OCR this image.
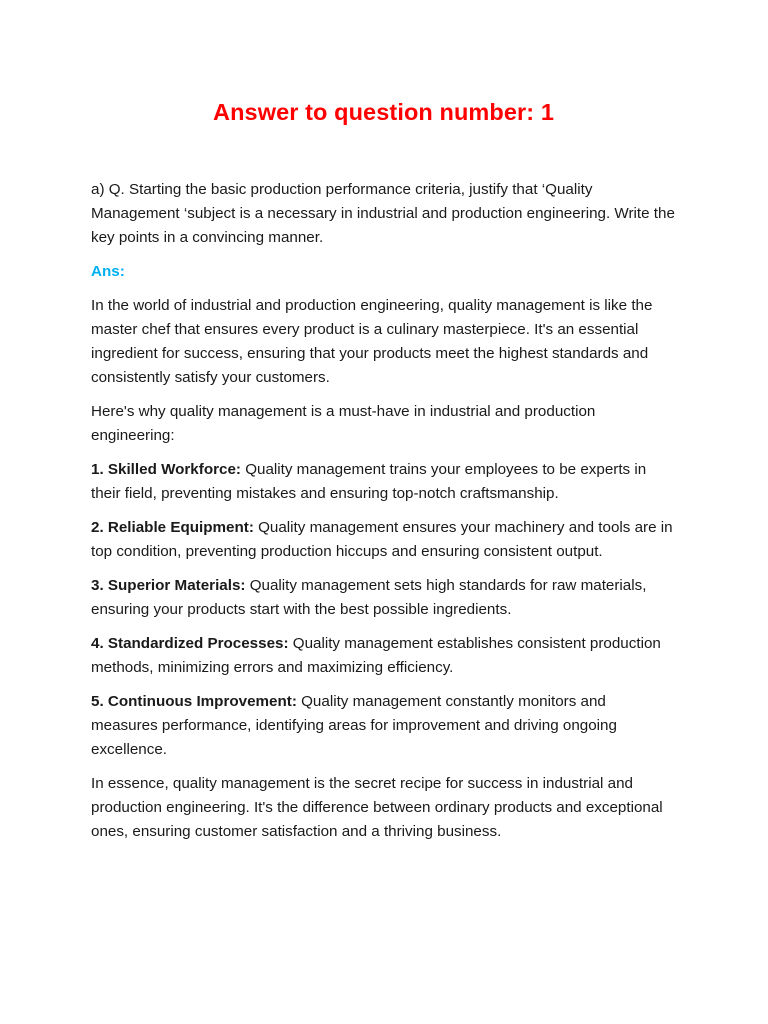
Answer to question number: 1

a) Q. Starting the basic production performance criteria, justify that ‘Quality Management ‘subject is a necessary in industrial and production engineering. Write the key points in a convincing manner.

Ans:

In the world of industrial and production engineering, quality management is like the master chef that ensures every product is a culinary masterpiece. It's an essential ingredient for success, ensuring that your products meet the highest standards and consistently satisfy your customers.

Here's why quality management is a must-have in industrial and production engineering:

1. Skilled Workforce: Quality management trains your employees to be experts in their field, preventing mistakes and ensuring top-notch craftsmanship.

2. Reliable Equipment: Quality management ensures your machinery and tools are in top condition, preventing production hiccups and ensuring consistent output.

3. Superior Materials: Quality management sets high standards for raw materials, ensuring your products start with the best possible ingredients.

4. Standardized Processes: Quality management establishes consistent production methods, minimizing errors and maximizing efficiency.

5. Continuous Improvement: Quality management constantly monitors and measures performance, identifying areas for improvement and driving ongoing excellence.

In essence, quality management is the secret recipe for success in industrial and production engineering. It's the difference between ordinary products and exceptional ones, ensuring customer satisfaction and a thriving business.
